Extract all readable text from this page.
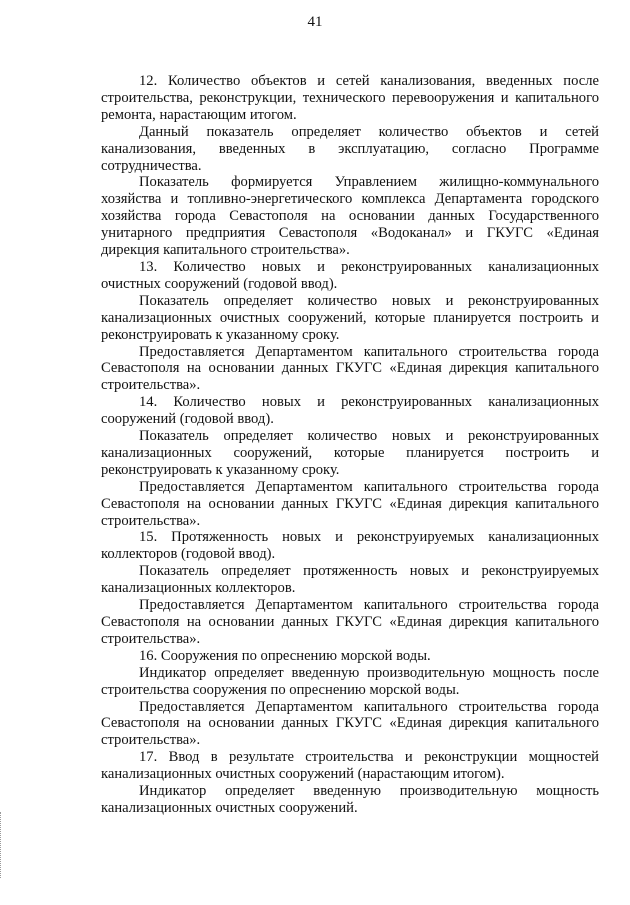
41

12. Количество объектов и сетей канализования, введенных после строительства, реконструкции, технического перевооружения и капитального ремонта, нарастающим итогом.

Данный показатель определяет количество объектов и сетей канализования, введенных в эксплуатацию, согласно Программе сотрудничества.

Показатель формируется Управлением жилищно-коммунального хозяйства и топливно-энергетического комплекса Департамента городского хозяйства города Севастополя на основании данных Государственного унитарного предприятия Севастополя «Водоканал» и ГКУГС «Единая дирекция капитального строительства».

13. Количество новых и реконструированных канализационных очистных сооружений (годовой ввод).

Показатель определяет количество новых и реконструированных канализационных очистных сооружений, которые планируется построить и реконструировать к указанному сроку.

Предоставляется Департаментом капитального строительства города Севастополя на основании данных ГКУГС «Единая дирекция капитального строительства».

14. Количество новых и реконструированных канализационных сооружений (годовой ввод).

Показатель определяет количество новых и реконструированных канализационных сооружений, которые планируется построить и реконструировать к указанному сроку.

Предоставляется Департаментом капитального строительства города Севастополя на основании данных ГКУГС «Единая дирекция капитального строительства».

15. Протяженность новых и реконструируемых канализационных коллекторов (годовой ввод).

Показатель определяет протяженность новых и реконструируемых канализационных коллекторов.

Предоставляется Департаментом капитального строительства города Севастополя на основании данных ГКУГС «Единая дирекция капитального строительства».

16. Сооружения по опреснению морской воды.

Индикатор определяет введенную производительную мощность после строительства сооружения по опреснению морской воды.

Предоставляется Департаментом капитального строительства города Севастополя на основании данных ГКУГС «Единая дирекция капитального строительства».

17. Ввод в результате строительства и реконструкции мощностей канализационных очистных сооружений (нарастающим итогом).

Индикатор определяет введенную производительную мощность канализационных очистных сооружений.
